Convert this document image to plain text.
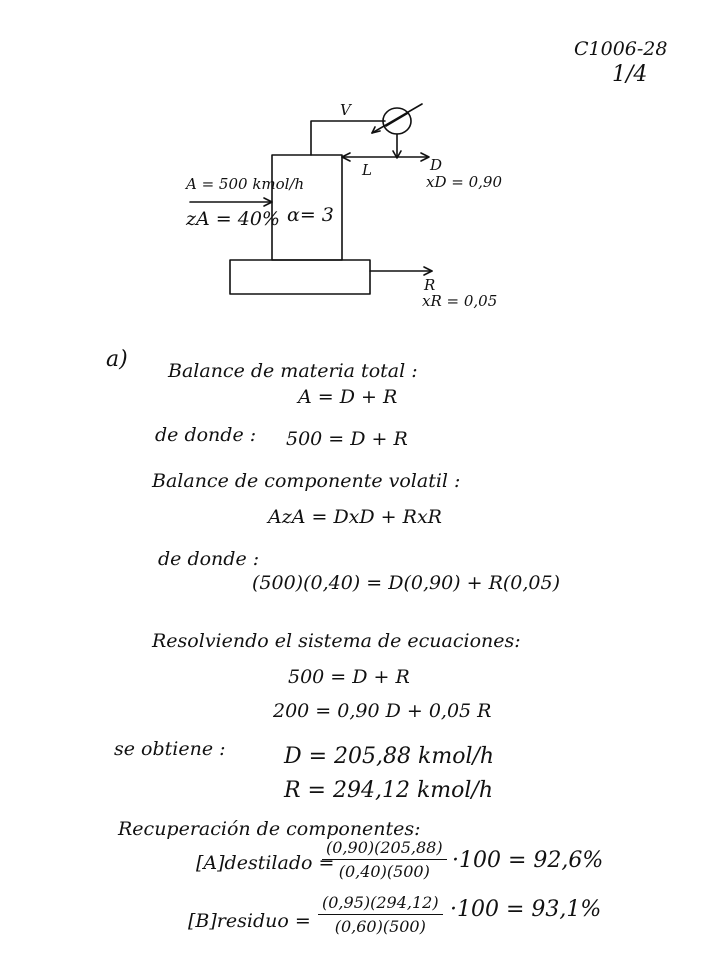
C1006-28
1/4
V
L
α= 3
A = 500 kmol/h
zA = 40%
D
xD = 0,90
R
xR = 0,05
a) Balance de materia total :
A = D + R
de donde : 500 = D + R
Balance de componente volatil :
AzA = DxD + RxR
de donde :
(500)(0,40) = D(0,90) + R(0,05)
Resolviendo el sistema de ecuaciones:
500 = D + R
200 = 0,90 D + 0,05 R
se obtiene :	D = 205,88 kmol/h
R = 294,12 kmol/h
Recuperación de componentes:
[A]destilado =
$\frac{(0,90)(205,88)}{(0,40)(500)} \cdot 100 = 92,6\%$
[B]residuo = $\frac{(0,95)(294,12)}{(0,60)(500)} \cdot 100 = 93,1\%$
